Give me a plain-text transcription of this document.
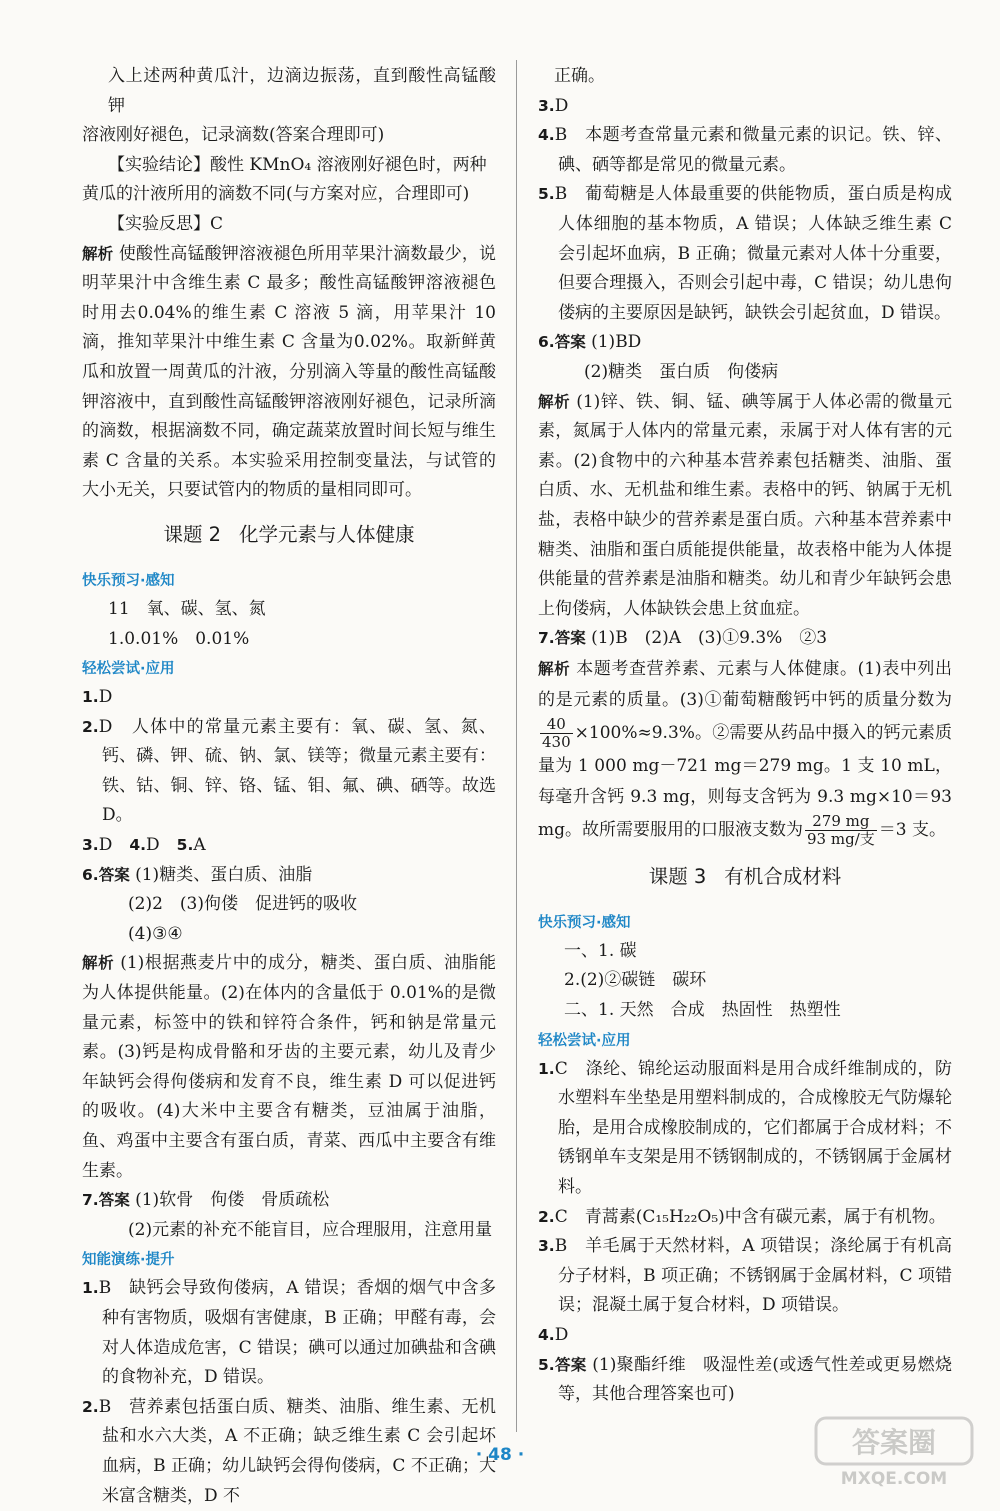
入上述两种黄瓜汁，边滴边振荡，直到酸性高锰酸钾

溶液刚好褪色，记录滴数(答案合理即可)

【实验结论】酸性 KMnO₄ 溶液刚好褪色时，两种

黄瓜的汁液所用的滴数不同(与方案对应，合理即可)

【实验反思】C

解析 使酸性高锰酸钾溶液褪色所用苹果汁滴数最少，说明苹果汁中含维生素 C 最多；酸性高锰酸钾溶液褪色时用去0.04%的维生素 C 溶液 5 滴，用苹果汁 10 滴，推知苹果汁中维生素 C 含量为0.02%。取新鲜黄瓜和放置一周黄瓜的汁液，分别滴入等量的酸性高锰酸钾溶液中，直到酸性高锰酸钾溶液刚好褪色，记录所滴的滴数，根据滴数不同，确定蔬菜放置时间长短与维生素 C 含量的关系。本实验采用控制变量法，与试管的大小无关，只要试管内的物质的量相同即可。

课题 2 化学元素与人体健康
快乐预习·感知

11　氧、碳、氢、氮

1.0.01%　0.01%

轻松尝试·应用

1.D

2.D　人体中的常量元素主要有：氧、碳、氢、氮、钙、磷、钾、硫、钠、氯、镁等；微量元素主要有：铁、钴、铜、锌、铬、锰、钼、氟、碘、硒等。故选 D。

3.D　4.D　5.A

6.答案 (1)糖类、蛋白质、油脂

(2)2　(3)佝偻　促进钙的吸收

(4)③④

解析 (1)根据燕麦片中的成分，糖类、蛋白质、油脂能为人体提供能量。(2)在体内的含量低于 0.01%的是微量元素，标签中的铁和锌符合条件，钙和钠是常量元素。(3)钙是构成骨骼和牙齿的主要元素，幼儿及青少年缺钙会得佝偻病和发育不良，维生素 D 可以促进钙的吸收。(4)大米中主要含有糖类，豆油属于油脂，鱼、鸡蛋中主要含有蛋白质，青菜、西瓜中主要含有维生素。

7.答案 (1)软骨　佝偻　骨质疏松

(2)元素的补充不能盲目，应合理服用，注意用量

知能演练·提升

1.B　缺钙会导致佝偻病，A 错误；香烟的烟气中含多种有害物质，吸烟有害健康，B 正确；甲醛有毒，会对人体造成危害，C 错误；碘可以通过加碘盐和含碘的食物补充，D 错误。

2.B　营养素包括蛋白质、糖类、油脂、维生素、无机盐和水六大类，A 不正确；缺乏维生素 C 会引起坏血病，B 正确；幼儿缺钙会得佝偻病，C 不正确；大米富含糖类，D 不

正确。

3.D

4.B　本题考查常量元素和微量元素的识记。铁、锌、碘、硒等都是常见的微量元素。

5.B　葡萄糖是人体最重要的供能物质，蛋白质是构成人体细胞的基本物质，A 错误；人体缺乏维生素 C 会引起坏血病，B 正确；微量元素对人体十分重要，但要合理摄入，否则会引起中毒，C 错误；幼儿患佝偻病的主要原因是缺钙，缺铁会引起贫血，D 错误。

6.答案 (1)BD

(2)糖类　蛋白质　佝偻病

解析 (1)锌、铁、铜、锰、碘等属于人体必需的微量元素，氮属于人体内的常量元素，汞属于对人体有害的元素。(2)食物中的六种基本营养素包括糖类、油脂、蛋白质、水、无机盐和维生素。表格中的钙、钠属于无机盐，表格中缺少的营养素是蛋白质。六种基本营养素中糖类、油脂和蛋白质能提供能量，故表格中能为人体提供能量的营养素是油脂和糖类。幼儿和青少年缺钙会患上佝偻病，人体缺铁会患上贫血症。

7.答案 (1)B　(2)A　(3)①9.3%　②3

解析 本题考查营养素、元素与人体健康。(1)表中列出的是元素的质量。(3)①葡萄糖酸钙中钙的质量分数为
$\frac{40}{430} \times 100\%\approx 9.3\%$。②需要从药品中摄入的钙元素质量为 1 000 mg－721 mg＝279 mg。1 支 10 mL，每毫升含钙 9.3 mg，则每支含钙为 9.3 mg×10＝93 mg。故所需要服用的口服液支数为 $\frac{279 mg}{\text{93 mg/支}} =3$ 支。

课题 3 有机合成材料
快乐预习·感知

一、1. 碳

2.(2)②碳链　碳环

二、1. 天然　合成　热固性　热塑性

轻松尝试·应用

1.C　涤纶、锦纶运动服面料是用合成纤维制成的，防水塑料车坐垫是用塑料制成的，合成橡胶无气防爆轮胎，是用合成橡胶制成的，它们都属于合成材料；不锈钢单车支架是用不锈钢制成的，不锈钢属于金属材料。

2.C　青蒿素(C₁₅H₂₂O₅)中含有碳元素，属于有机物。

3.B　羊毛属于天然材料，A 项错误；涤纶属于有机高分子材料，B 项正确；不锈钢属于金属材料，C 项错误；混凝土属于复合材料，D 项错误。

4.D

5.答案 (1)聚酯纤维　吸湿性差(或透气性差或更易燃烧等，其他合理答案也可)

· 48 ·	答案圈
MXQE.COM
